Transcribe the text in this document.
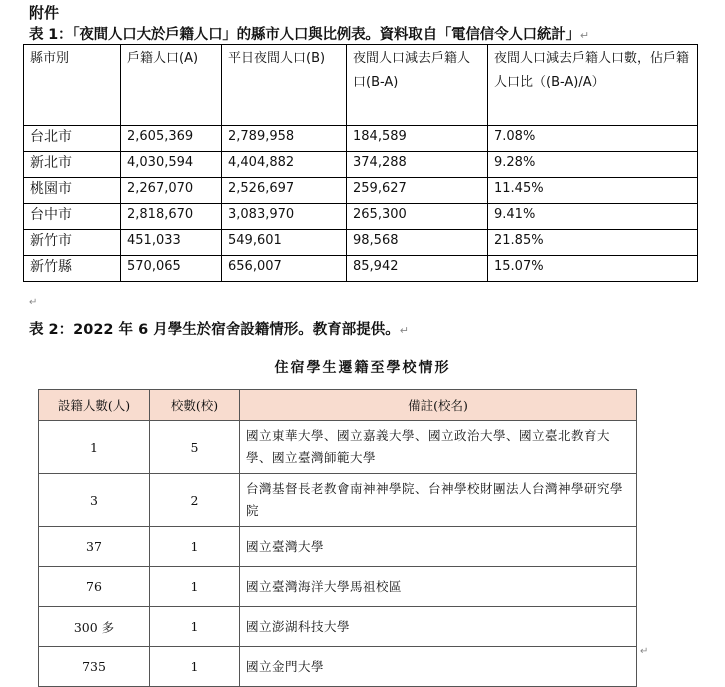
附件
表 1：「夜間人口大於戶籍人口」的縣市人口與比例表。資料取自「電信信令人口統計」↵
縣市別	戶籍人口(A)	平日夜間人口(B)	夜間人口減去戶籍人口(B-A)	夜間人口減去戶籍人口數，佔戶籍人口比（(B-A)/A）
台北市	2,605,369	2,789,958	184,589	7.08%
新北市	4,030,594	4,404,882	374,288	9.28%
桃園市	2,267,070	2,526,697	259,627	11.45%
台中市	2,818,670	3,083,970	265,300	9.41%
新竹市	451,033	549,601	98,568	21.85%
新竹縣	570,065	656,007	85,942	15.07%
↵
表 2：2022 年 6 月學生於宿舍設籍情形。教育部提供。↵
住宿學生遷籍至學校情形
設籍人數(人)	校數(校)	備註(校名)
1	5	國立東華大學、國立嘉義大學、國立政治大學、國立臺北教育大學、國立臺灣師範大學
3	2	台灣基督長老教會南神神學院、台神學校財團法人台灣神學研究學院
37	1	國立臺灣大學
76	1	國立臺灣海洋大學馬祖校區
300 多	1	國立澎湖科技大學
735	1	國立金門大學
↵
